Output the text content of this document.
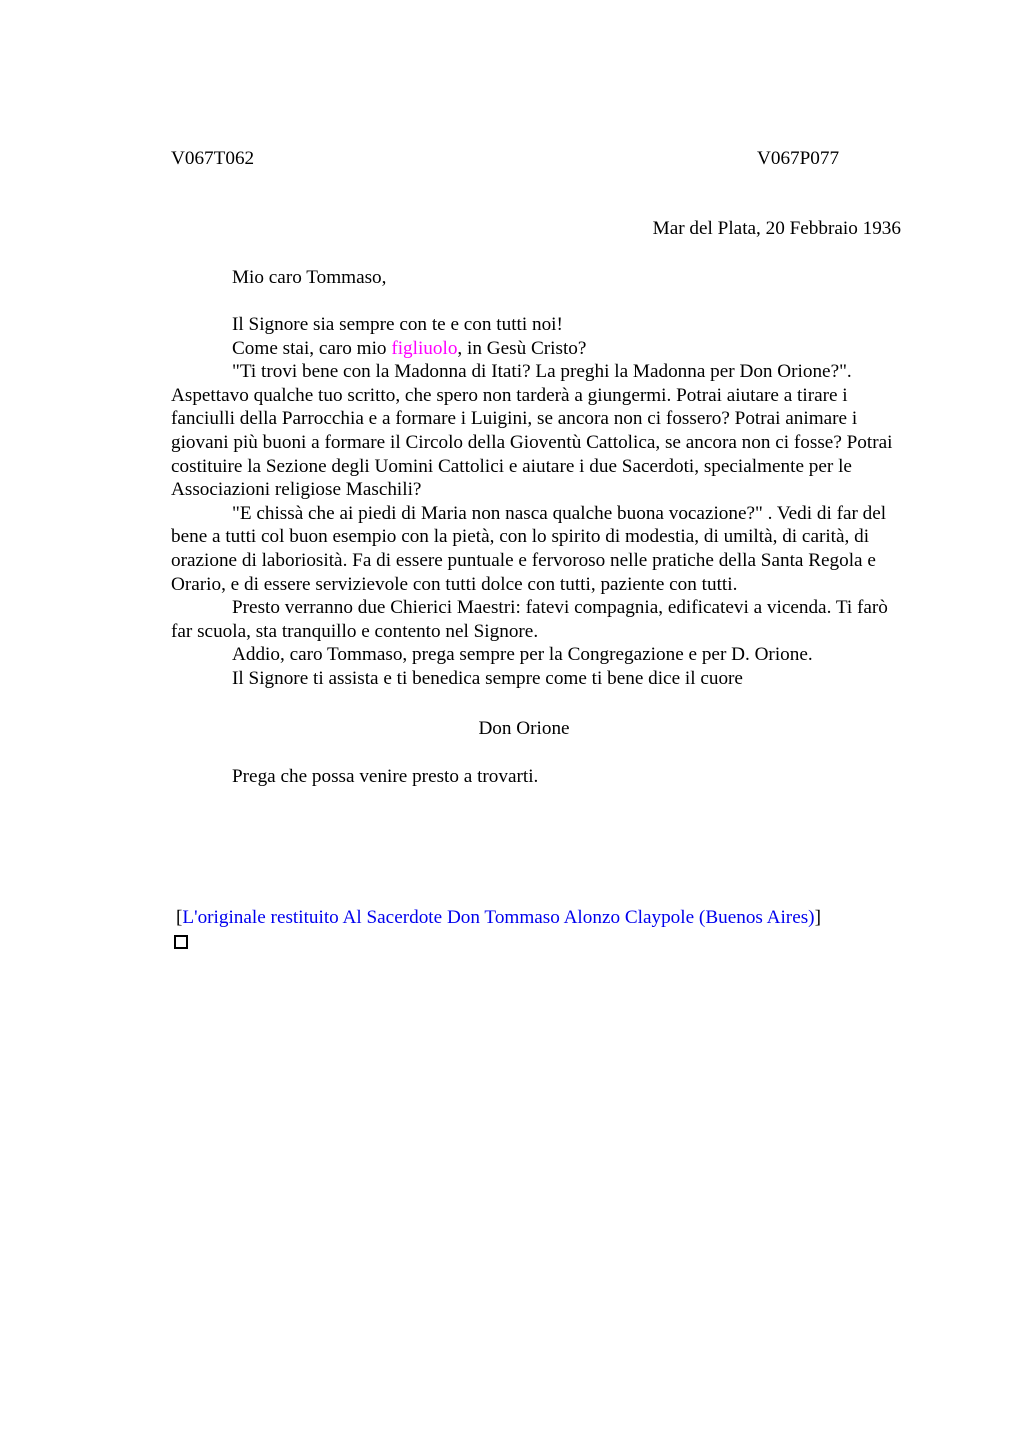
V067T062	V067P077
Mar del Plata, 20 Febbraio 1936
Mio caro Tommaso,

Il Signore sia sempre con te e con tutti noi!

Come stai, caro mio figliuolo, in Gesù Cristo?

"Ti trovi bene con la Madonna di Itati? La preghi la Madonna per Don Orione?". Aspettavo qualche tuo scritto, che spero non tarderà a giungermi. Potrai aiutare a tirare i fanciulli della Parrocchia e a formare i Luigini, se ancora non ci fossero? Potrai animare i giovani più buoni a formare il Circolo della Gioventù Cattolica, se ancora non ci fosse? Potrai costituire la Sezione degli Uomini Cattolici e aiutare i due Sacerdoti, specialmente per le Associazioni religiose Maschili?

"E chissà che ai piedi di Maria non nasca qualche buona vocazione?" . Vedi di far del bene a tutti col buon esempio con la pietà, con lo spirito di modestia, di umiltà, di carità, di orazione di laboriosità. Fa di essere puntuale e fervoroso nelle pratiche della Santa Regola e Orario, e di essere servizievole con tutti dolce con tutti, paziente con tutti.

Presto verranno due Chierici Maestri: fatevi compagnia, edificatevi a vicenda. Ti farò far scuola, sta tranquillo e contento nel Signore.

Addio, caro Tommaso, prega sempre per la Congregazione e per D. Orione.

Il Signore ti assista e ti benedica sempre come ti bene dice il cuore

Don Orione
Prega che possa venire presto a trovarti.
[L'originale restituito Al Sacerdote Don Tommaso Alonzo Claypole (Buenos Aires)]
